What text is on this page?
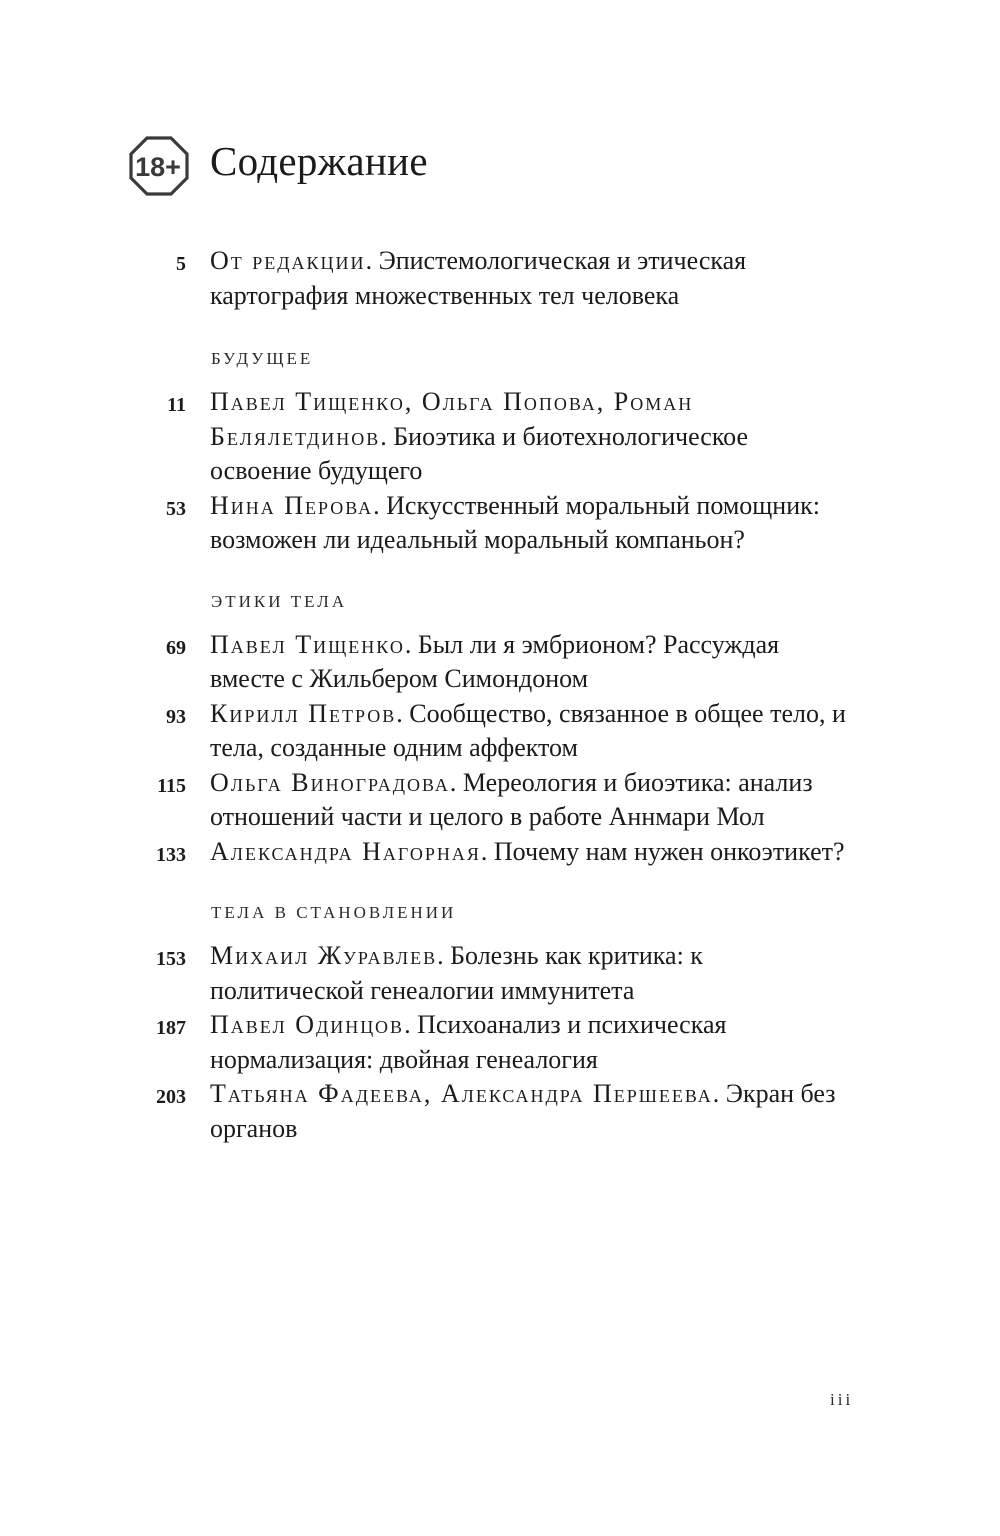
18+ Содержание
5 От редакции. Эпистемологическая и этическая картография множественных тел человека

БУДУЩЕЕ

11 Павел Тищенко, Ольга Попова, Роман Белялетдинов. Биоэтика и биотехнологическое освоение будущего
53 Нина Перова. Искусственный моральный помощник: возможен ли идеальный моральный компаньон?

ЭТИКИ ТЕЛА

69 Павел Тищенко. Был ли я эмбрионом? Рассуждая вместе с Жильбером Симондоном
93 Кирилл Петров. Сообщество, связанное в общее тело, и тела, созданные одним аффектом
115 Ольга Виноградова. Мереология и биоэтика: анализ отношений части и целого в работе Аннмари Мол
133 Александра Нагорная. Почему нам нужен онкоэтикет?

ТЕЛА В СТАНОВЛЕНИИ

153 Михаил Журавлев. Болезнь как критика: к политической генеалогии иммунитета
187 Павел Одинцов. Психоанализ и психическая нормализация: двойная генеалогия
203 Татьяна Фадеева, Александра Першеева. Экран без органов
iii
